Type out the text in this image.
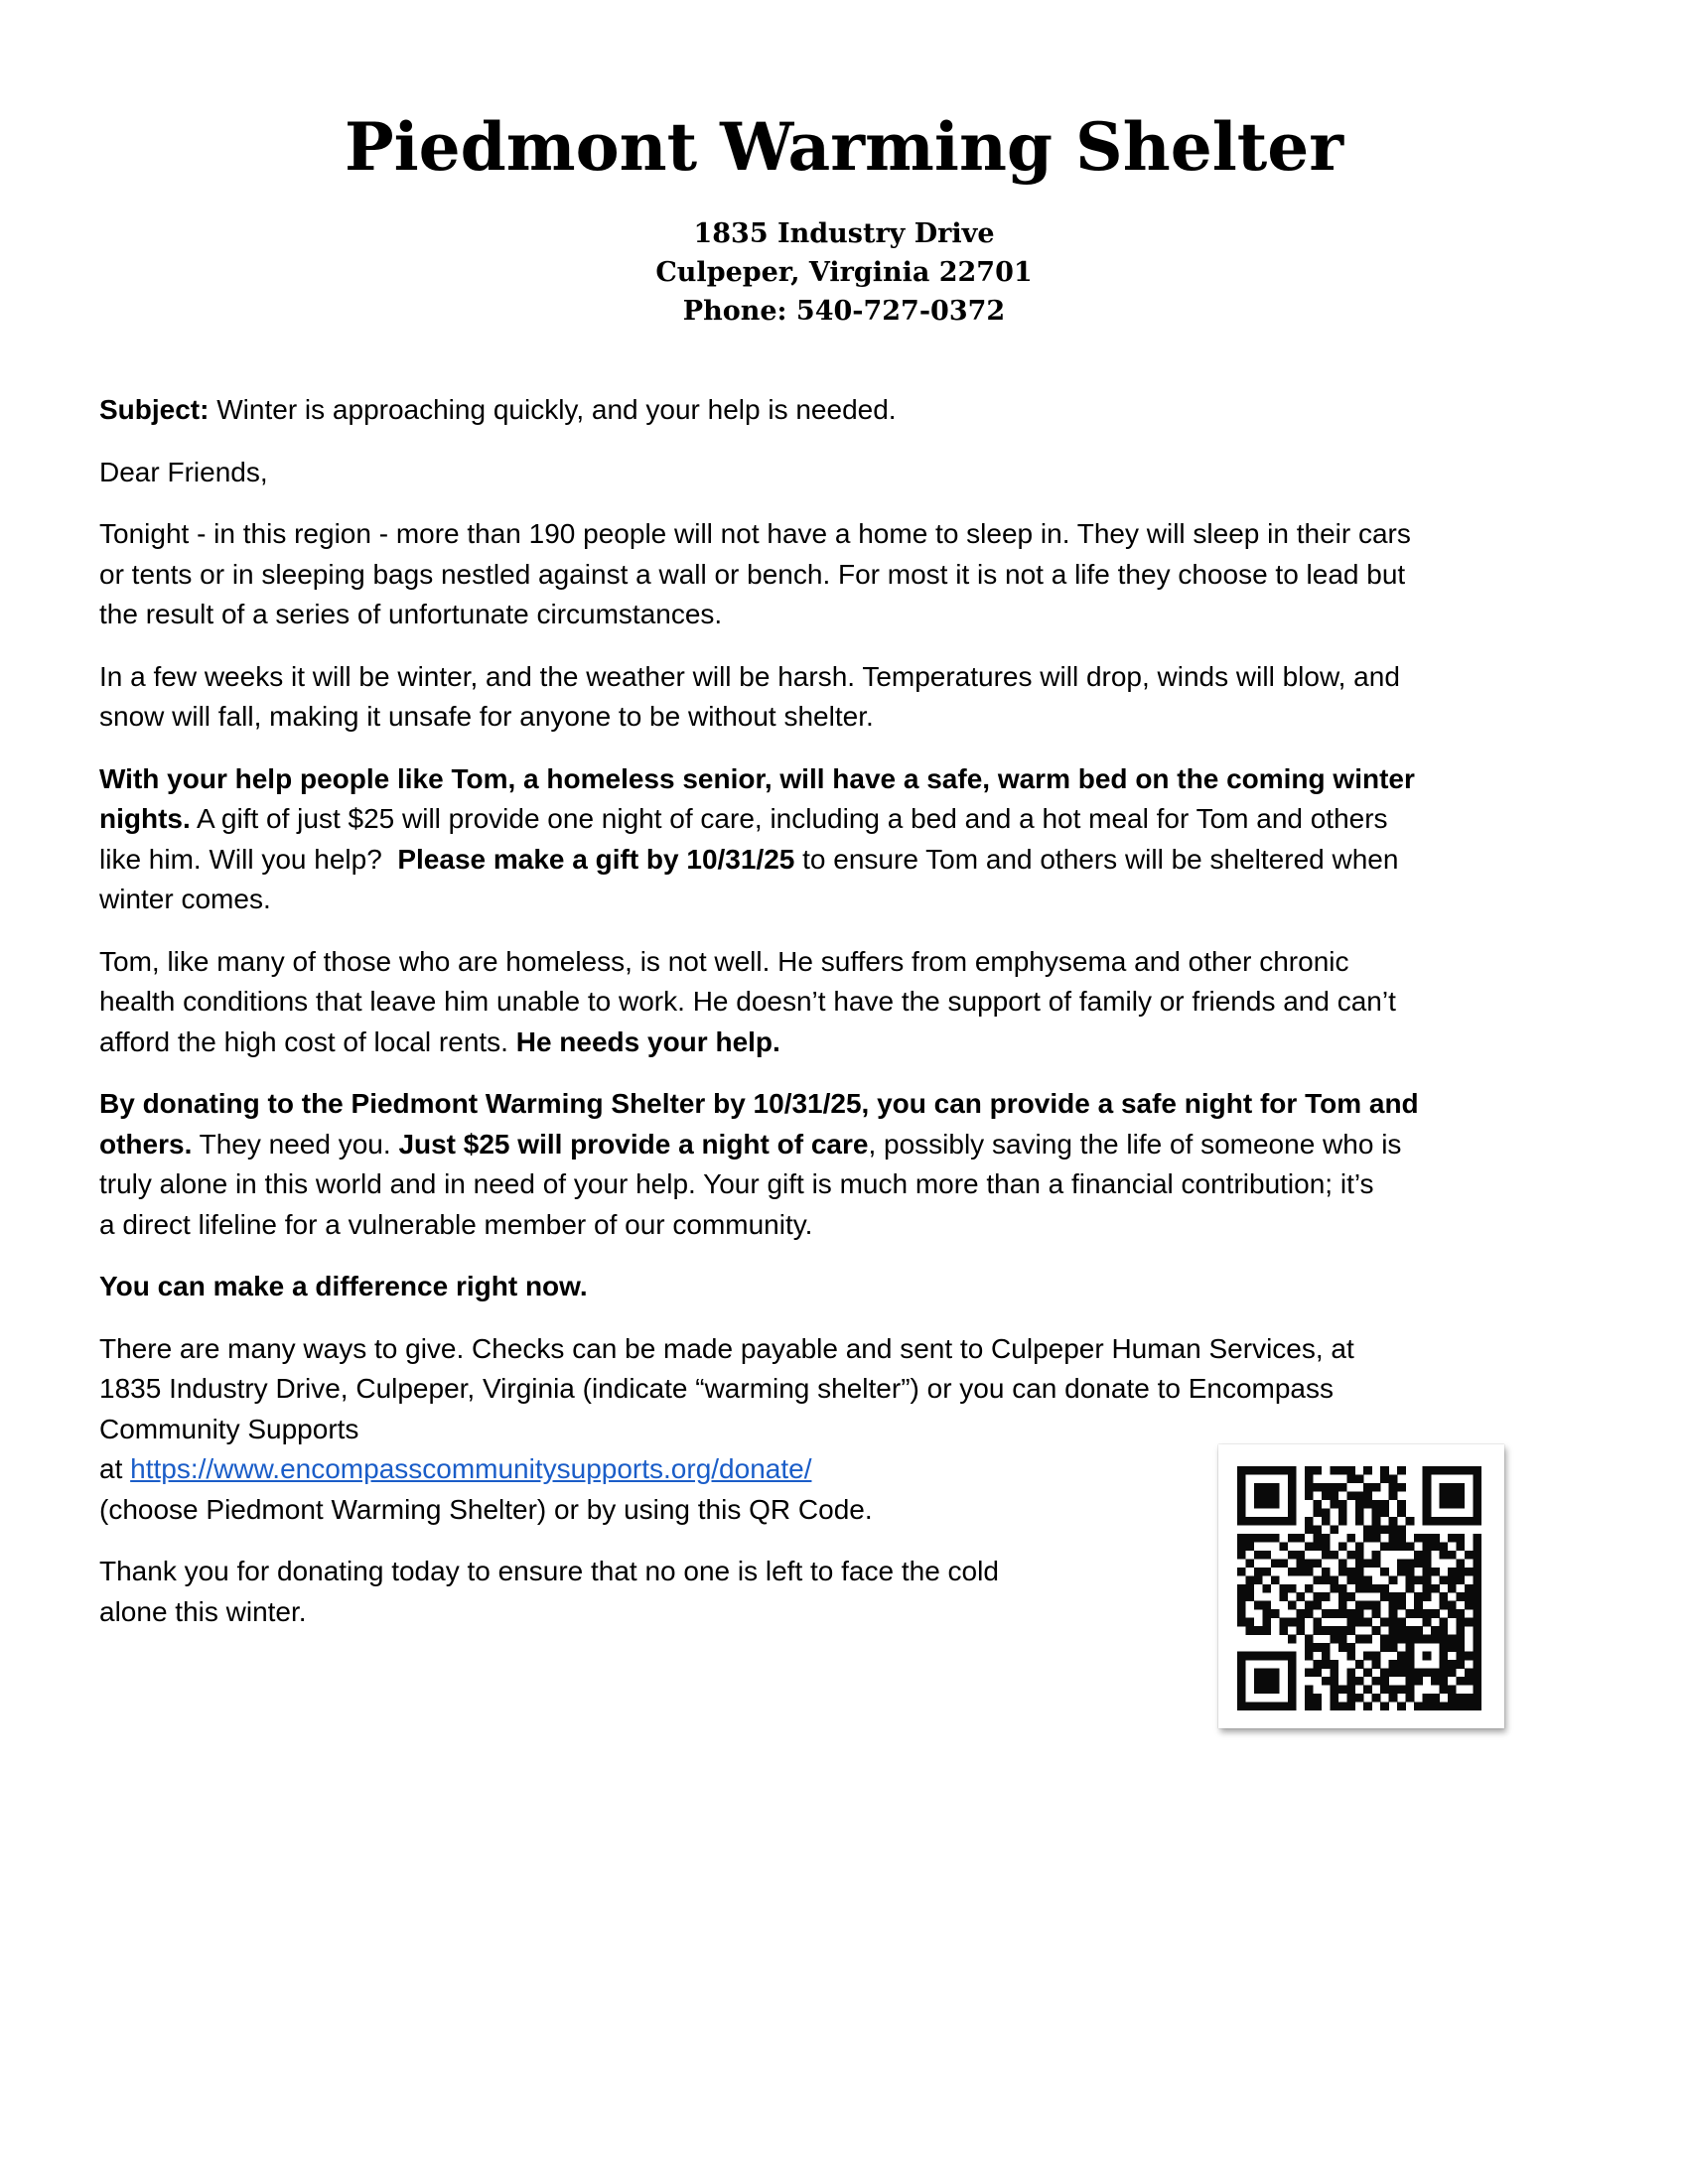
Piedmont Warming Shelter
1835 Industry Drive
Culpeper, Virginia 22701
Phone: 540-727-0372

Subject: Winter is approaching quickly, and your help is needed.

Dear Friends,

Tonight - in this region - more than 190 people will not have a home to sleep in. They will sleep in their cars
or tents or in sleeping bags nestled against a wall or bench. For most it is not a life they choose to lead but
the result of a series of unfortunate circumstances.

In a few weeks it will be winter, and the weather will be harsh. Temperatures will drop, winds will blow, and
snow will fall, making it unsafe for anyone to be without shelter.

With your help people like Tom, a homeless senior, will have a safe, warm bed on the coming winter
nights. A gift of just $25 will provide one night of care, including a bed and a hot meal for Tom and others
like him. Will you help?  Please make a gift by 10/31/25 to ensure Tom and others will be sheltered when
winter comes.

Tom, like many of those who are homeless, is not well. He suffers from emphysema and other chronic
health conditions that leave him unable to work. He doesn’t have the support of family or friends and can’t
afford the high cost of local rents. He needs your help.

By donating to the Piedmont Warming Shelter by 10/31/25, you can provide a safe night for Tom and
others. They need you. Just $25 will provide a night of care, possibly saving the life of someone who is
truly alone in this world and in need of your help. Your gift is much more than a financial contribution; it’s
a direct lifeline for a vulnerable member of our community.

You can make a difference right now.

There are many ways to give. Checks can be made payable and sent to Culpeper Human Services, at
1835 Industry Drive, Culpeper, Virginia (indicate “warming shelter”) or you can donate to Encompass
Community Supports
at https://www.encompasscommunitysupports.org/donate/
(choose Piedmont Warming Shelter) or by using this QR Code.

Thank you for donating today to ensure that no one is left to face the cold
alone this winter.
